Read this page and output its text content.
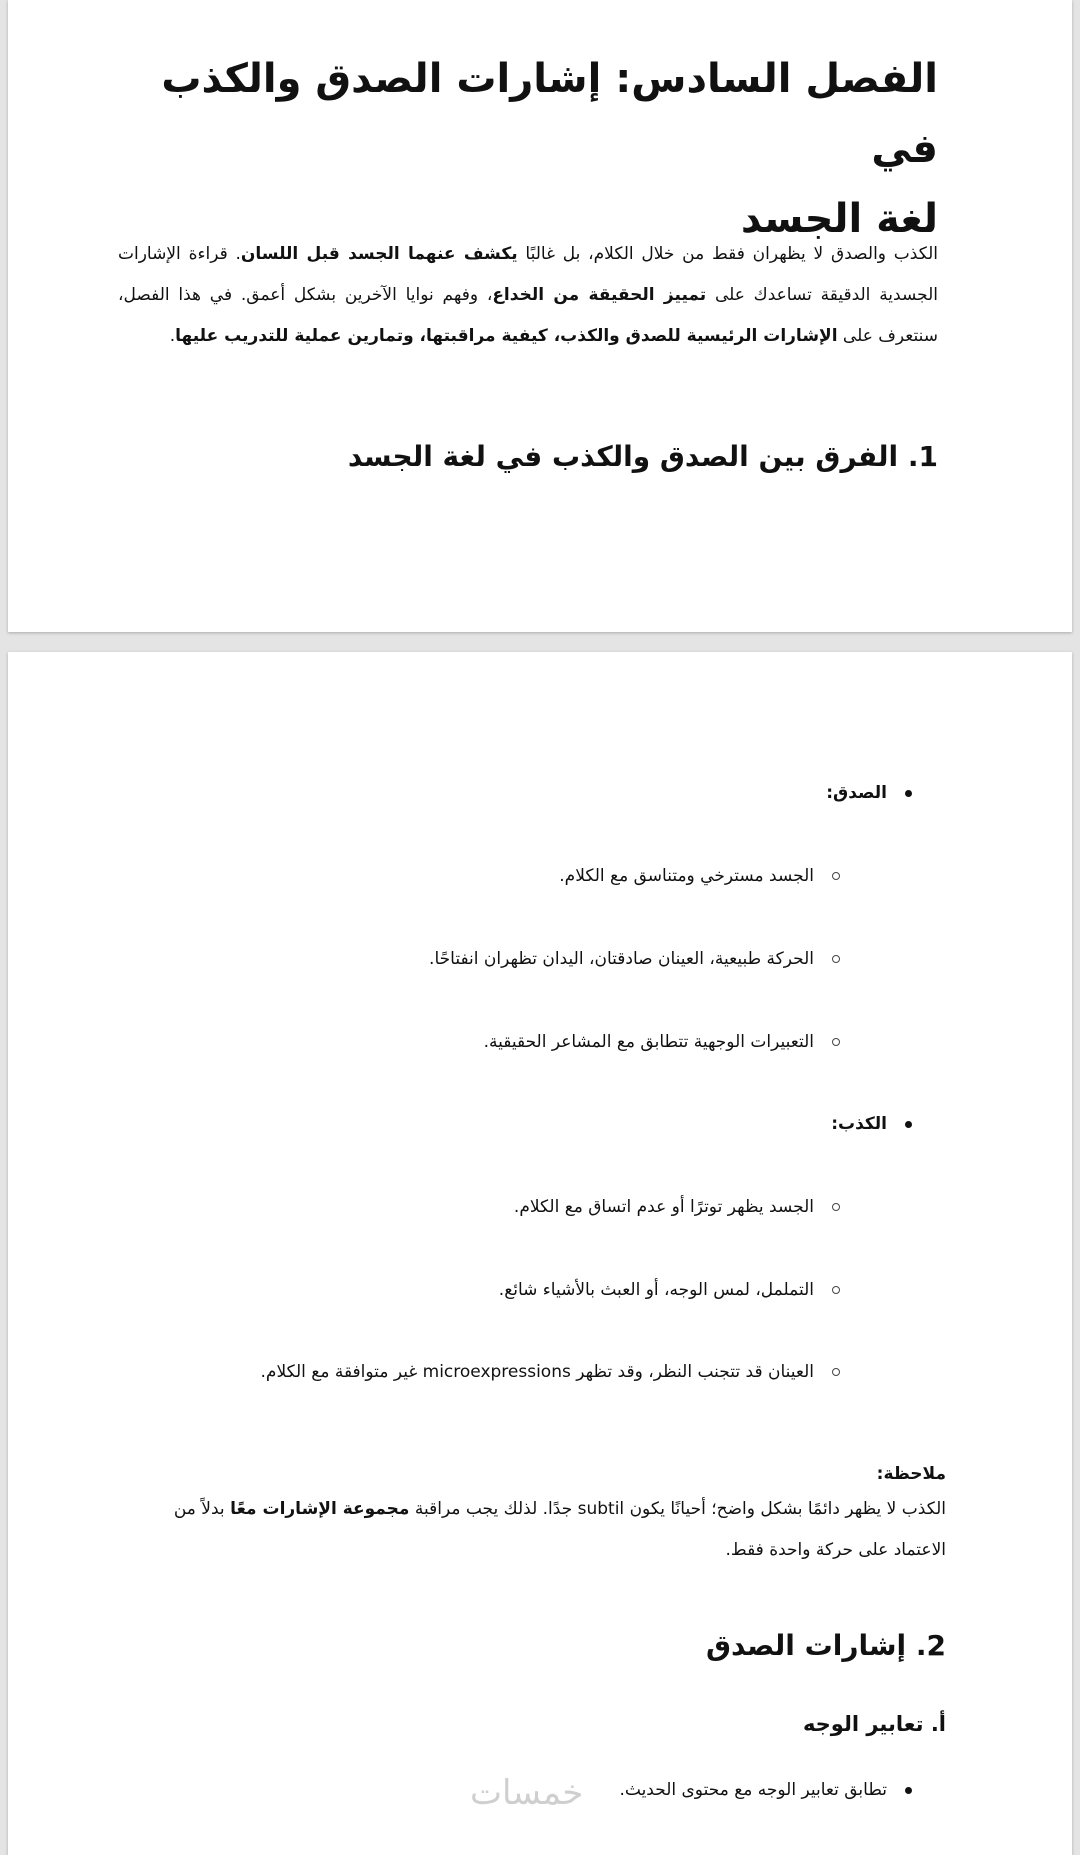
الفصل السادس: إشارات الصدق والكذب في
لغة الجسد
الكذب والصدق لا يظهران فقط من خلال الكلام، بل غالبًا يكشف عنهما الجسد قبل اللسان. قراءة الإشارات الجسدية الدقيقة تساعدك على تمييز الحقيقة من الخداع، وفهم نوايا الآخرين بشكل أعمق. في هذا الفصل، سنتعرف على الإشارات الرئيسية للصدق والكذب، كيفية مراقبتها، وتمارين عملية للتدريب عليها.
1. الفرق بين الصدق والكذب في لغة الجسد
الصدق:
الجسد مسترخي ومتناسق مع الكلام.
الحركة طبيعية، العينان صادقتان، اليدان تظهران انفتاحًا.
التعبيرات الوجهية تتطابق مع المشاعر الحقيقية.
الكذب:
الجسد يظهر توترًا أو عدم اتساق مع الكلام.
التململ، لمس الوجه، أو العبث بالأشياء شائع.
العينان قد تتجنب النظر، وقد تظهر microexpressions غير متوافقة مع الكلام.
ملاحظة:
الكذب لا يظهر دائمًا بشكل واضح؛ أحيانًا يكون subtil جدًا. لذلك يجب مراقبة مجموعة الإشارات معًا بدلاً من الاعتماد على حركة واحدة فقط.
2. إشارات الصدق
أ. تعابير الوجه
تطابق تعابير الوجه مع محتوى الحديث.
خمسات
